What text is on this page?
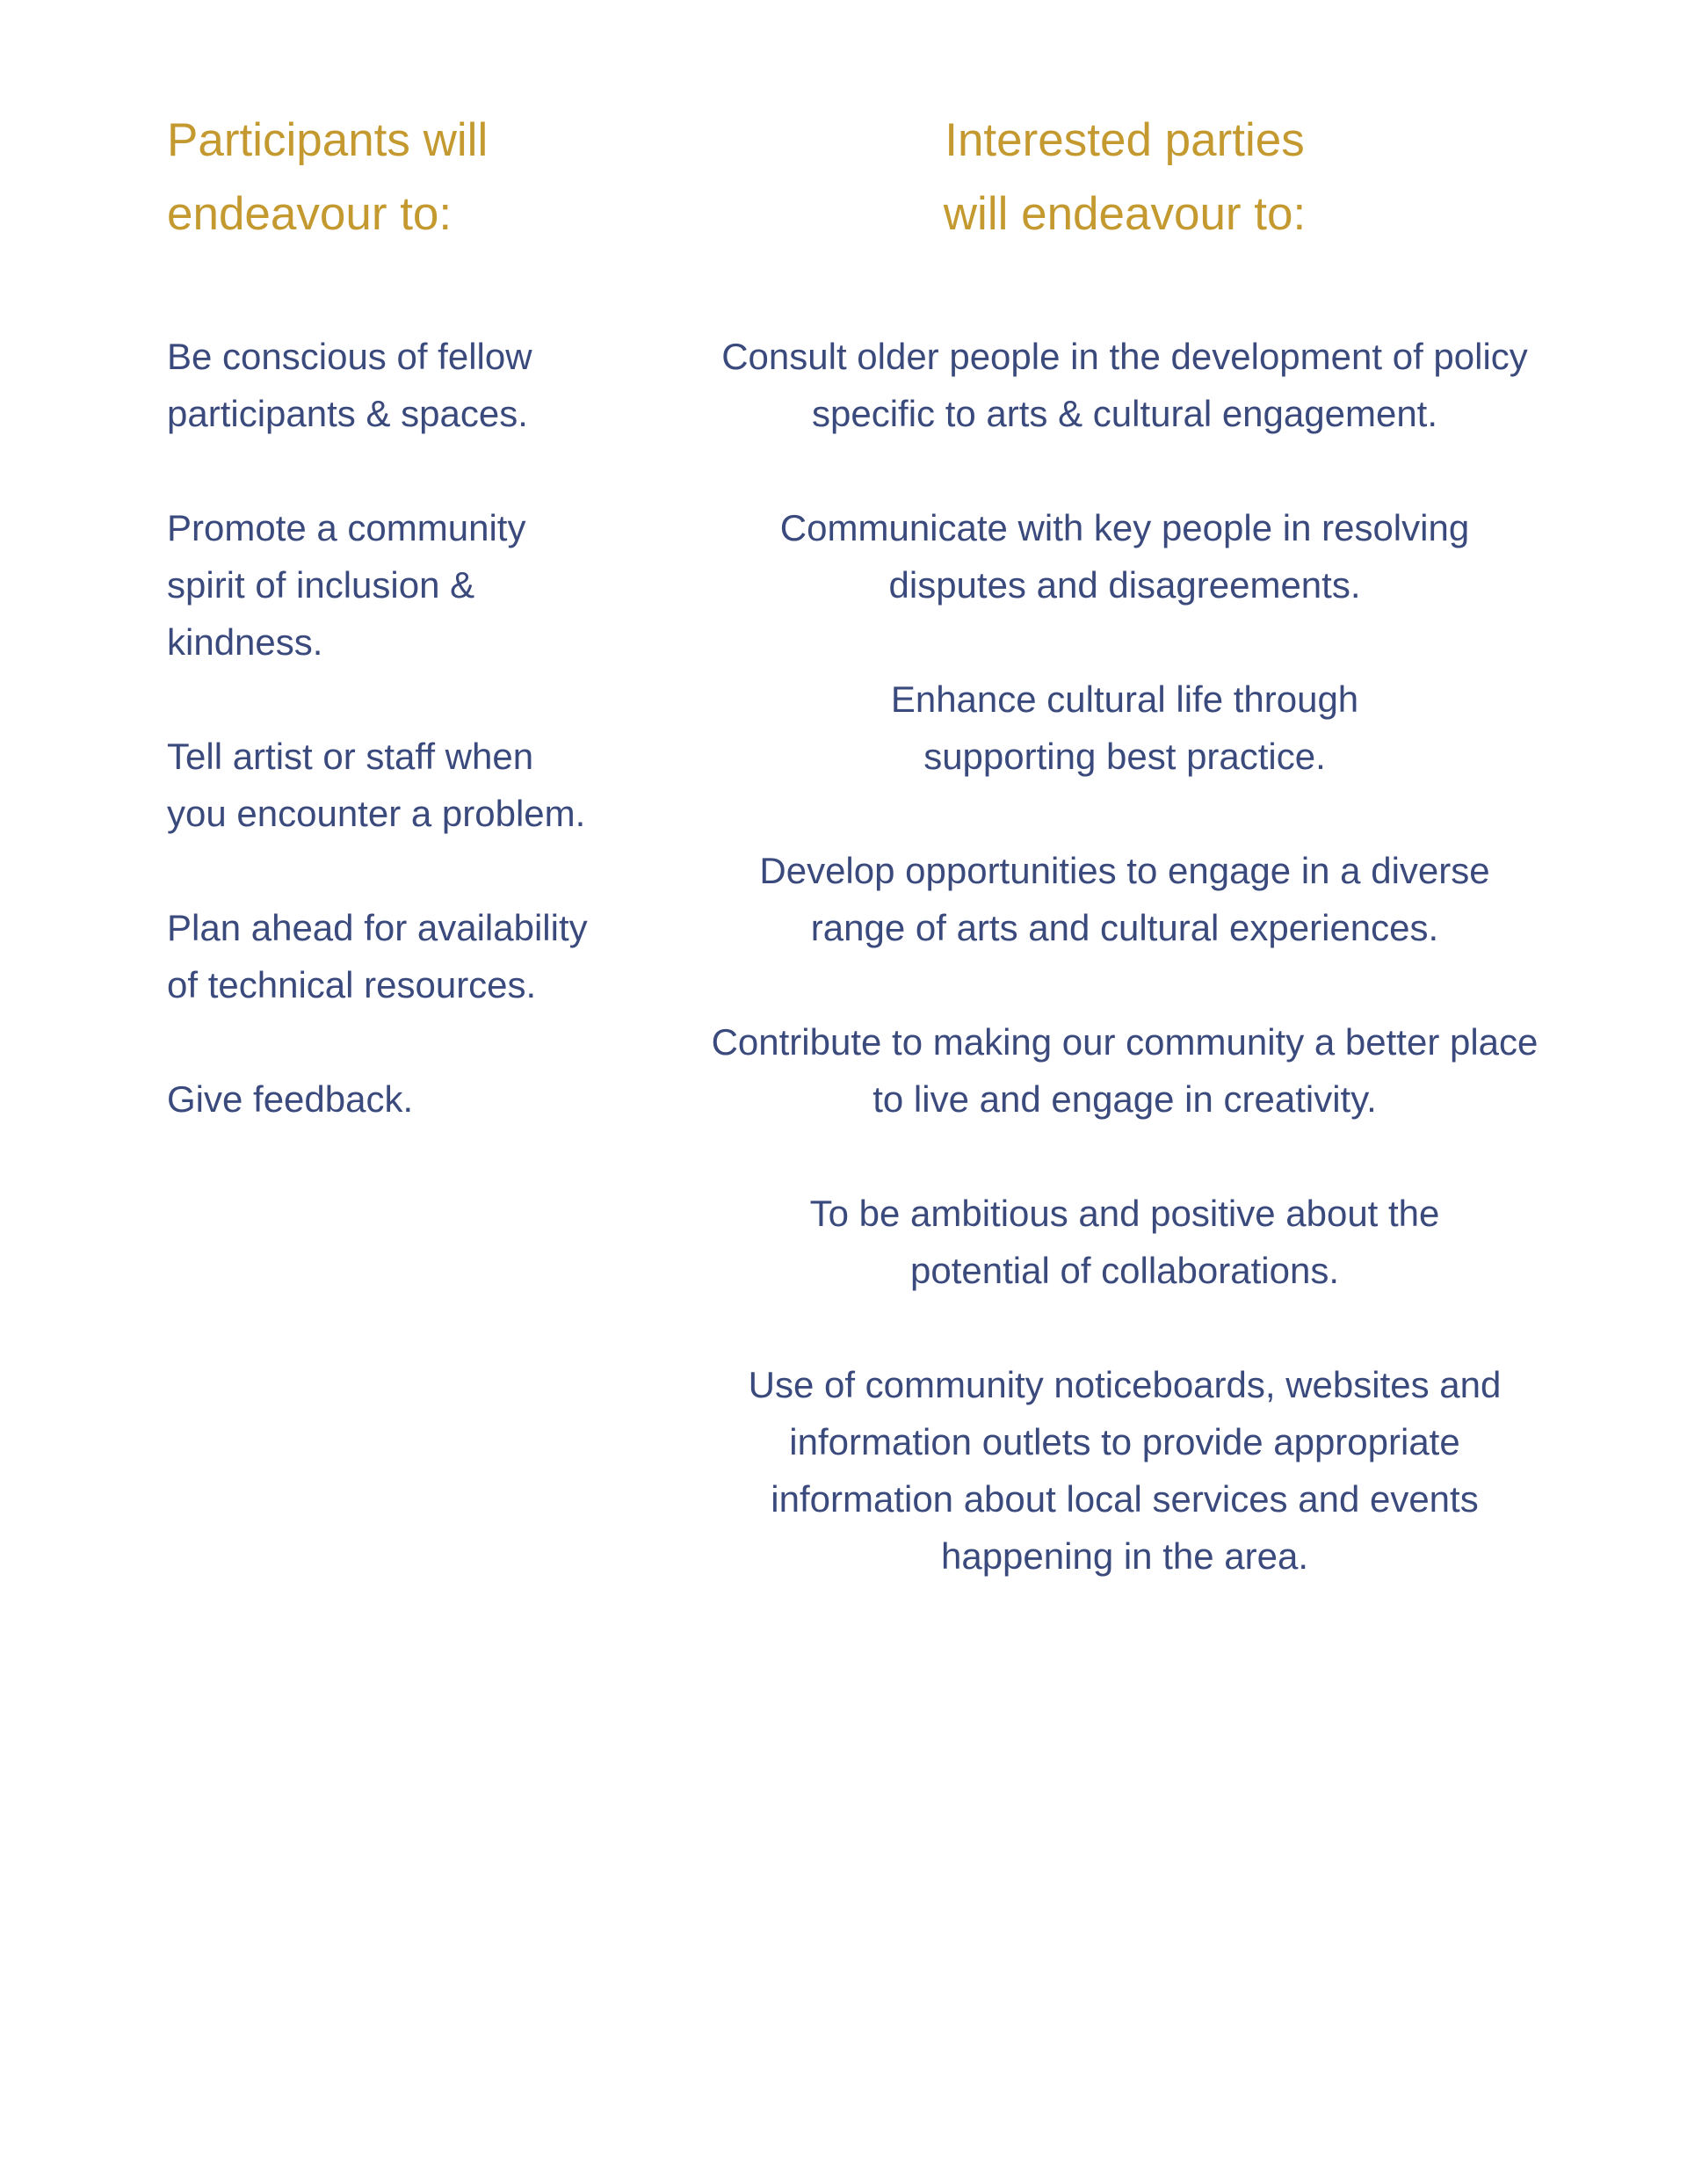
Participants will
endeavour to:
Interested parties
will endeavour to:
Be conscious of fellow
participants & spaces.
Promote a community
spirit of inclusion &
kindness.
Tell artist or staff when
you encounter a problem.
Plan ahead for availability
of technical resources.
Give feedback.
Consult older people in the development of policy
specific to arts & cultural engagement.
Communicate with key people in resolving
disputes and disagreements.
Enhance cultural life through
supporting best practice.
Develop opportunities to engage in a diverse
range of arts and cultural experiences.
Contribute to making our community a better place
to live and engage in creativity.
To be ambitious and positive about the
potential of collaborations.
Use of community noticeboards, websites and
information outlets to provide appropriate
information about local services and events
happening in the area.
